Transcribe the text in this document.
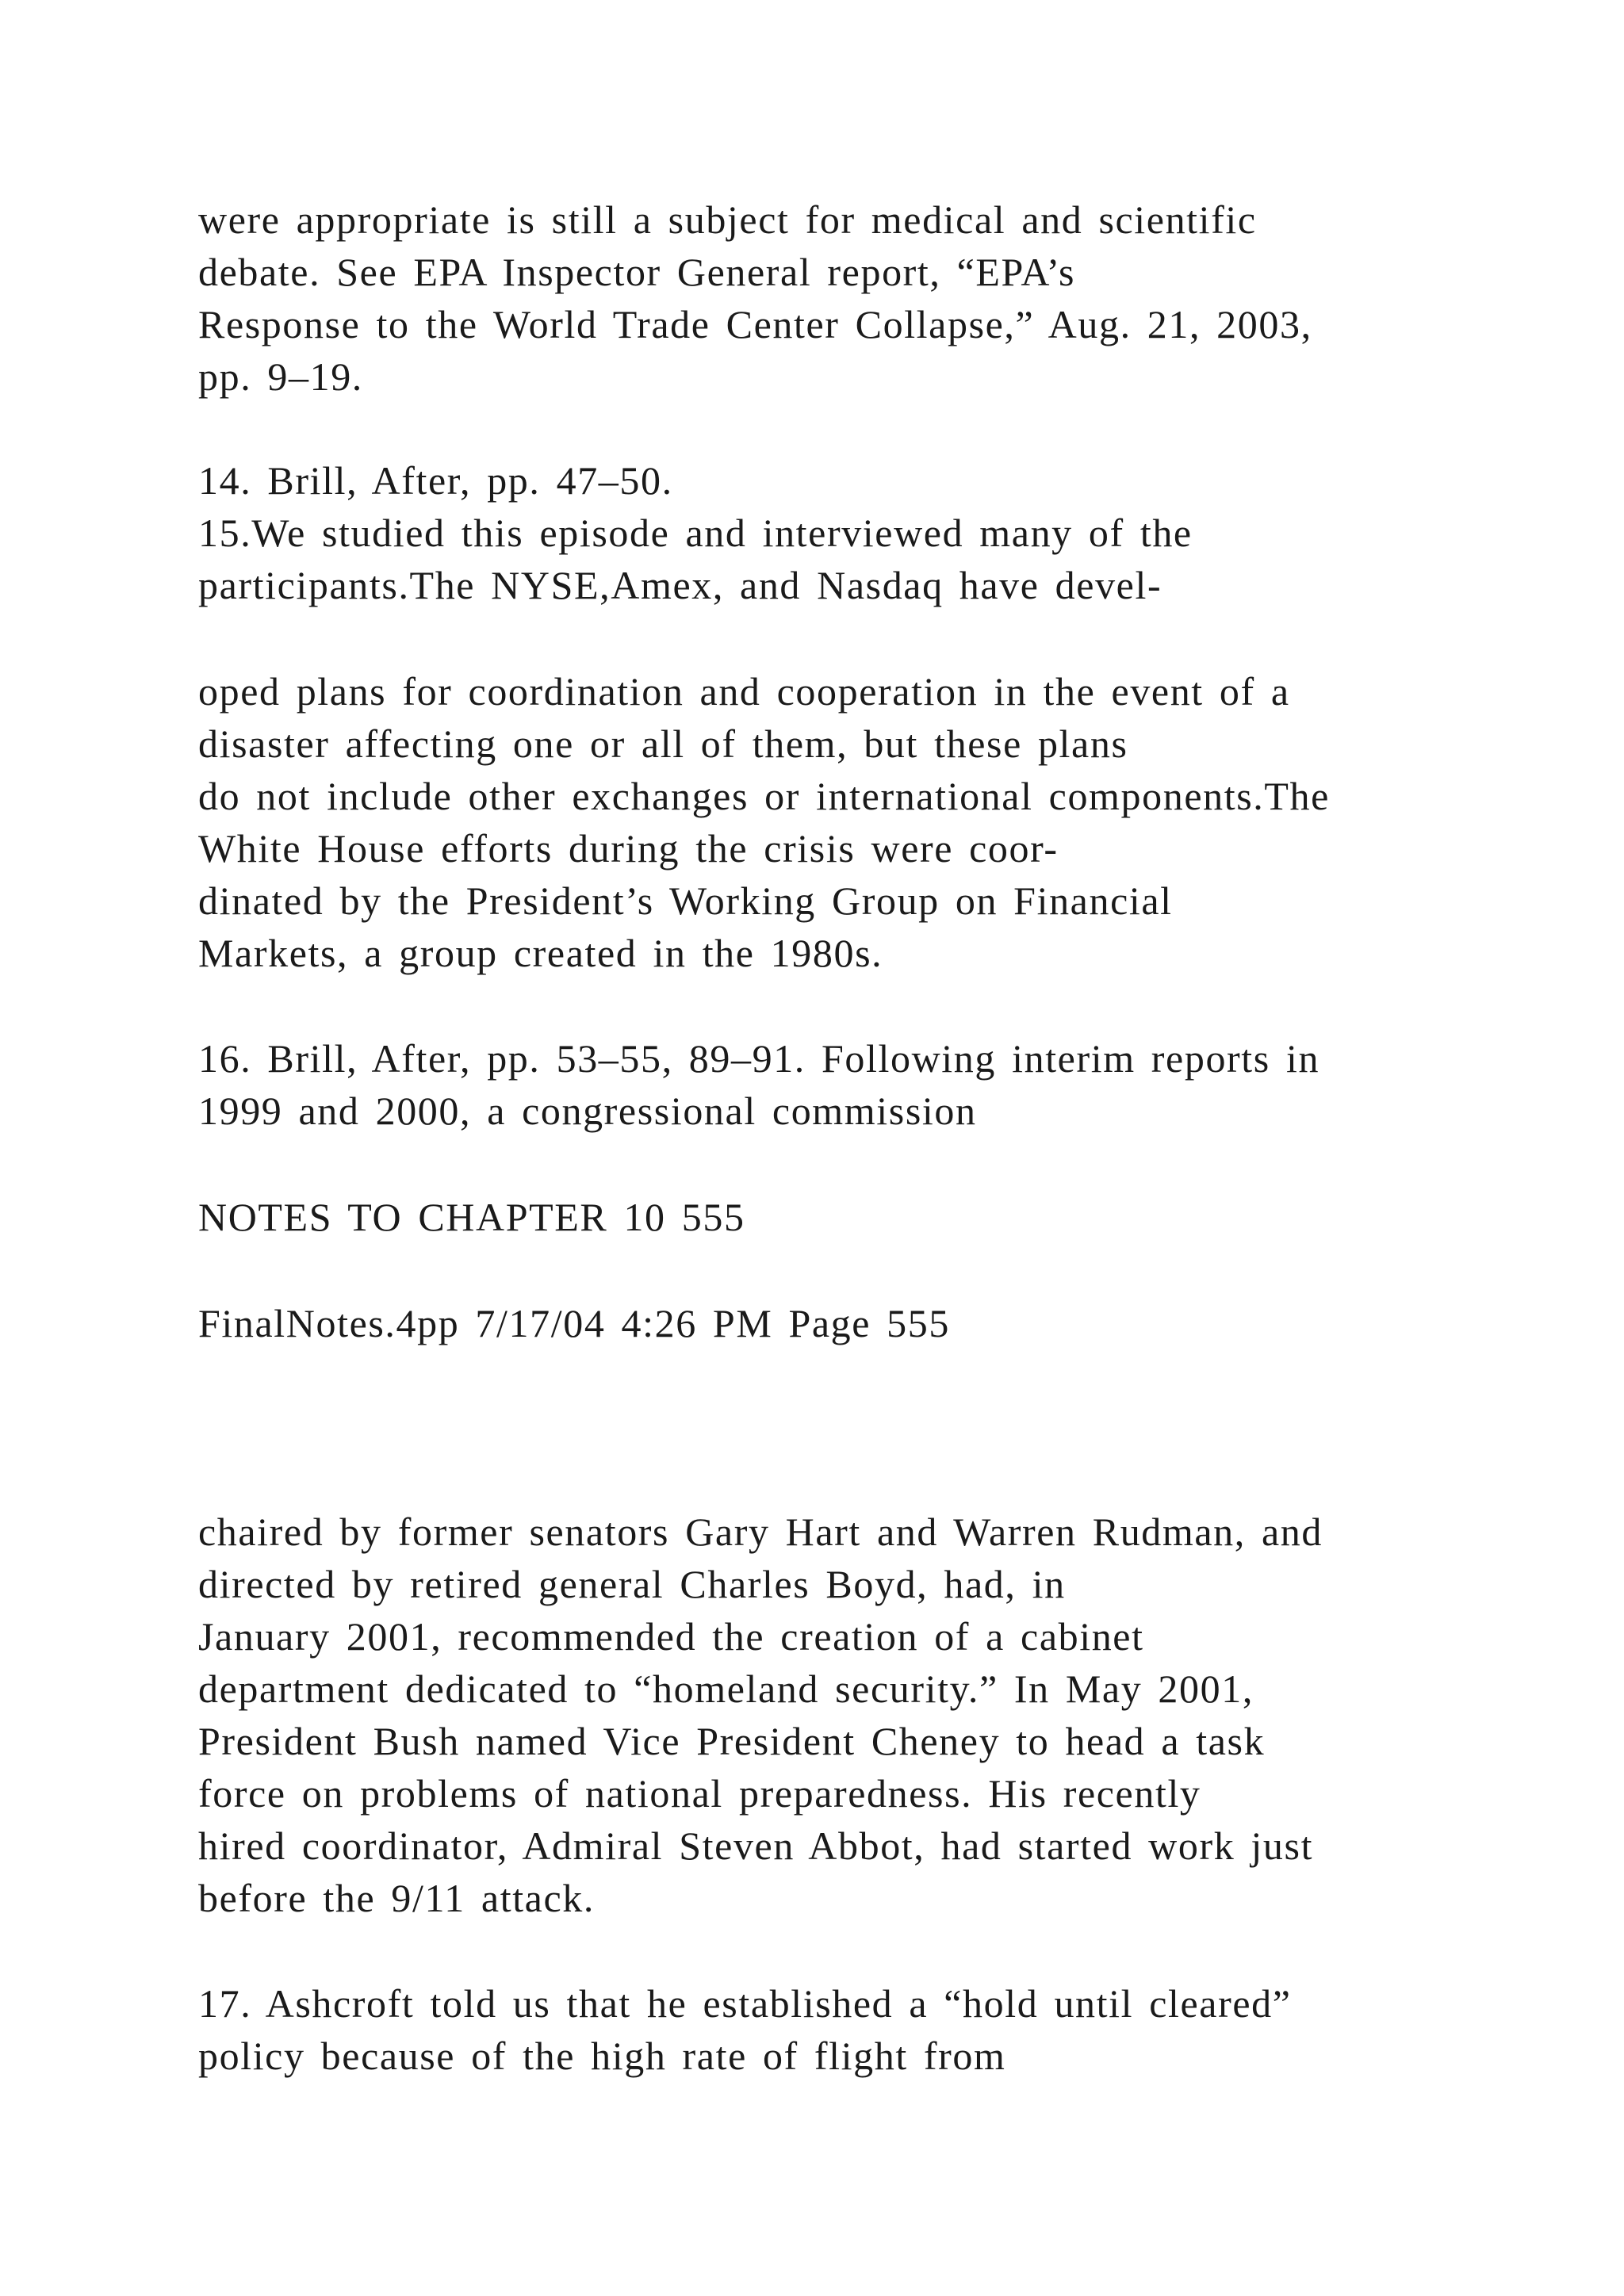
were appropriate is still a subject for medical and scientific
debate. See EPA Inspector General report, “EPA’s
Response to the World Trade Center Collapse,” Aug. 21, 2003,
pp. 9–19.
14. Brill, After, pp. 47–50.
15.We studied this episode and interviewed many of the
participants.The NYSE,Amex, and Nasdaq have devel-
oped plans for coordination and cooperation in the event of a
disaster affecting one or all of them, but these plans
do not include other exchanges or international components.The
White House efforts during the crisis were coor-
dinated by the President’s Working Group on Financial
Markets, a group created in the 1980s.
16. Brill, After, pp. 53–55, 89–91. Following interim reports in
1999 and 2000, a congressional commission
NOTES TO CHAPTER 10 555
FinalNotes.4pp 7/17/04 4:26 PM Page 555
chaired by former senators Gary Hart and Warren Rudman, and
directed by retired general Charles Boyd, had, in
January 2001, recommended the creation of a cabinet
department dedicated to “homeland security.” In May 2001,
President Bush named Vice President Cheney to head a task
force on problems of national preparedness. His recently
hired coordinator, Admiral Steven Abbot, had started work just
before the 9/11 attack.
17. Ashcroft told us that he established a “hold until cleared”
policy because of the high rate of flight from
